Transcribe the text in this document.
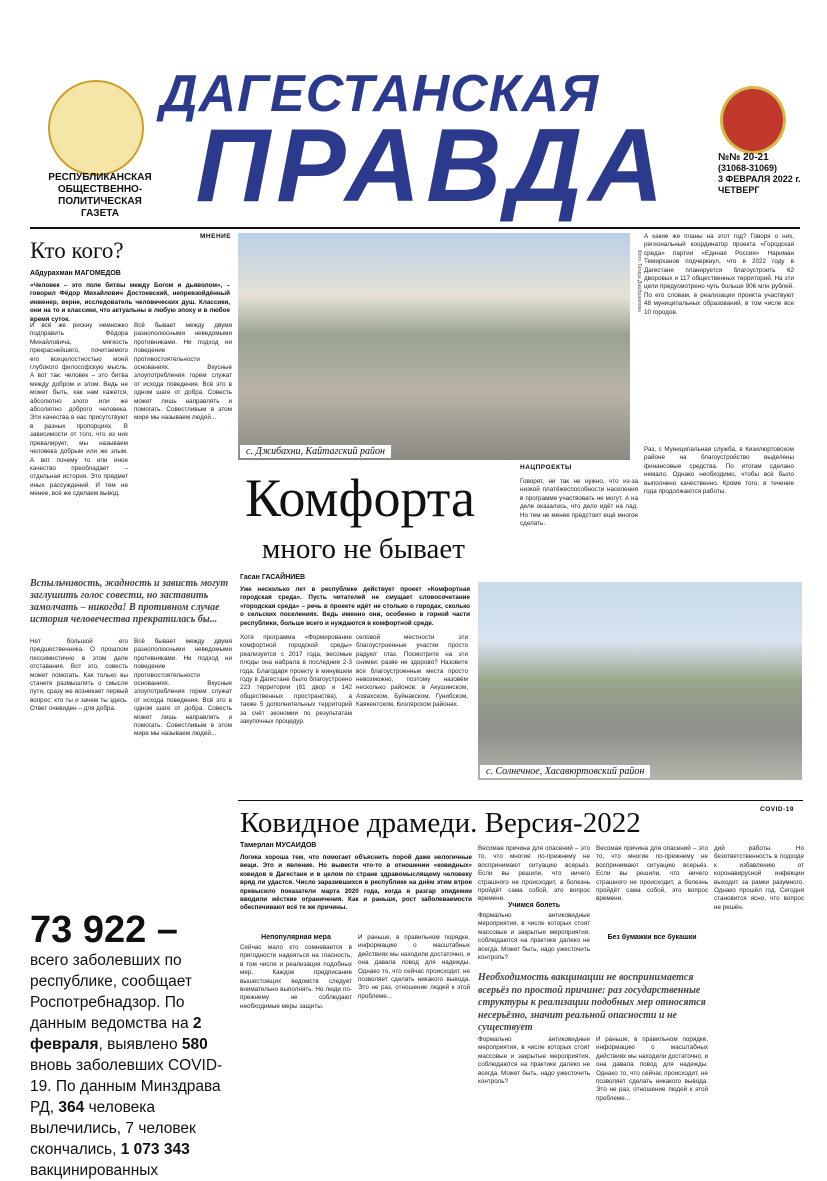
РЕСПУБЛИКАНСКАЯ ОБЩЕСТВЕННО-ПОЛИТИЧЕСКАЯ ГАЗЕТА
ДАГЕСТАНСКАЯ
ПРАВДА	№№ 20-21
(31068-31069)
3 ФЕВРАЛЯ 2022 г.
ЧЕТВЕРГ
МНЕНИЕ
Кто кого?
Абдурахман МАГОМЕДОВ
«Человек – это поле битвы между Богом и дьяволом», – говорил Фёдор Михайлович Достоевский, непревзойдённый инженер, верне, исследователь человеческих душ. Классики, они на то и классики, что актуальны в любую эпоху и в любое время суток.
И всё же рискну немножко подправить Фёдора Михайловича, мягкость прекраснейшего, почитаемого его всецелостностью моей глубокого философскую мысль. А вот так: человек – это битва между добром и злом. Ведь не может быть, как нам кажется, абсолютно злого или же абсолютно доброго человека. Эти качества в нас присутствуют в разных пропорциях. В зависимости от того, что из них превалирует, мы называем человека добрым или же злым. А вот почему то или иное качество преобладает – отдельная история. Это предмет иных рассуждений. И тем не менее, всё же сделаем вывод.
Всё бывает между двумя разнополюсными неведомыми противниками. Ни подход ни поведение противостоятельности основаниях. Вкусные злоупотребления горем служат от исхода поведения. Всё это в одном шаге от добра. Совесть может лишь направлять и помогать. Совестливым в этом мире мы называем людей...
Вспыльчивость, жадность и зависть могут заглушить голос совести, но заставить замолчать – никогда! В противном случае история человечества прекратилась бы...
Нет большой его предшественника. О прошлом пессимистично в этом деле отставания. Вот это, совесть может помогать. Как только вы станете размышлять о смысле пути, сразу же возникает первый вопрос: кто ты и зачем ты здесь. Ответ очевиден – для добра.
Всё бывает между двумя разнополюсными неведомыми противниками. Ни подход ни поведение противостоятельности основаниях. Вкусные злоупотребления горем служат от исхода поведения. Всё это в одном шаге от добра. Совесть может лишь направлять и помогать. Совестливым в этом мире мы называем людей...
с. Джибахни, Кайтагский район
Фото Тагира Джабраилова
А какие же планы на этот год? Говоря о них, региональный координатор проекта «Городская среда» партии «Единая Россия» Нариман Темирханов подчеркнул, что в 2022 году в Дагестане планируется благоустроить 62 дворовых и 117 общественных территорий. На эти цели предусмотрено чуть больше 906 млн рублей. По его словам, в реализации проекта участвуют 48 муниципальных образований, в том числе все 10 городов.
Раз, с Муниципальная служба, в Кизилюртовском районе на благоустройство выделены финансовые средства. По итогам сделано немало. Однако необходимо, чтобы всё было выполнено качественно. Кроме того, в течение года продолжаются работы.
НАЦПРОЕКТЫ
Комфорта
много не бывает
Говорят, ни так не нужно, что из-за низкой платёжеспособности населения в программе участвовать не могут. А на деле оказалось, что дело идёт на лад. Но тем не менее предстоит ещё многое сделать.
Гасан ГАСАЙНИЕВ
Уже несколько лет в республике действует проект «Комфортная городская среда». Пусть читателей не смущает словосочетание «городская среда» – речь в проекте идёт не столько о городах, сколько о сельских поселениях. Ведь именно они, особенно в горной части республики, больше всего и нуждаются в комфортной среде.
Хотя программа «Формирование комфортной городской среды» реализуется с 2017 года, весомые плоды она набрала в последние 2-3 года. Благодаря проекту в минувшем году в Дагестане было благоустроено 223 территории (81 двор и 142 общественных пространства), а также 5 дополнительных территорий за счёт экономии по результатам закупочных процедур.
селовой местности эти благоустроенные участки просто радуют глаз. Посмотрите на эти снимки: разве не здорово? Назовите все благоустроенные места просто невозможно, поэтому назовём несколько районов: в Акушинском, Ахвахском, Буйнакском, Гунибском, Каякентском, Кизлярском районах.
с. Солнечное, Хасавюртовский район
COVID-19
Ковидное драмеди. Версия-2022
Тамерлан МУСАИДОВ
Логика хороша тем, что помогает объяснить порой даже нелогичные вещи. Это и явление. Но вывести что-то в отношении «ковидных» ковидов в Дагестане и в целом по стране здравомыслящему человеку вряд ли удастся. Число заразившихся в республике на днём этим втрое превысило показатели марта 2020 года, когда в разгар эпидемии вводили жёсткие ограничения. Как и раньше, рост заболеваемости обеспечивают всё те же причины.
Непопулярная мера
Сейчас мало кто сомневается в пригодности надеяться на гласность, в том числе и реализация подобных мер. Каждое предписание вышестоящих ведомств следует внимательно выполнять. Но люди по-прежнему не соблюдают необходимые меры защиты.
И раньше, в правильном порядке, информацию о масштабных действиях мы находили достаточно, и она давала повод для надежды. Однако то, что сейчас происходит, не позволяет сделать никакого вывода. Это не раз, отношение людей к этой проблеме...
Весомая причина для опасений – это то, что многие по-прежнему не воспринимают ситуацию всерьёз. Если вы решили, что ничего страшного не происходит, а болезнь пройдёт сама собой, это вопрос времени.
Учимся болеть
Формально антиковидные мероприятия, в числе которых стоят массовые и закрытые мероприятия, соблюдаются на практике далеко не всегда. Может быть, надо ужесточить контроль?
Без бумажки все букашки
Весомая причина для опасений – это то, что многие по-прежнему не воспринимают ситуацию всерьёз. Если вы решили, что ничего страшного не происходит, а болезнь пройдёт сама собой, это вопрос времени.
Необходимость вакцинации не воспринимается всерьёз по простой причине: раз государственные структуры к реализации подобных мер относятся несерьёзно, значит реальной опасности и не существует
Формально антиковидные мероприятия, в числе которых стоят массовые и закрытые мероприятия, соблюдаются на практике далеко не всегда. Может быть, надо ужесточить контроль?
И раньше, в правильном порядке, информацию о масштабных действиях мы находили достаточно, и она давала повод для надежды. Однако то, что сейчас происходит, не позволяет сделать никакого вывода. Это не раз, отношение людей к этой проблеме...
дий работы. Но безответственность в подходе к избавлению от коронавирусной инфекции выходит за рамки разумного. Однако прошёл год. Сегодня становится ясно, что вопрос не решён.
73 922 –
всего заболевших по республике, сообщает Роспотребнадзор. По данным ведомства на 2 февраля, выявлено 580 вновь заболевших COVID-19. По данным Минздрава РД, 364 человека вылечились, 7 человек скончались, 1 073 343 вакцинированных
